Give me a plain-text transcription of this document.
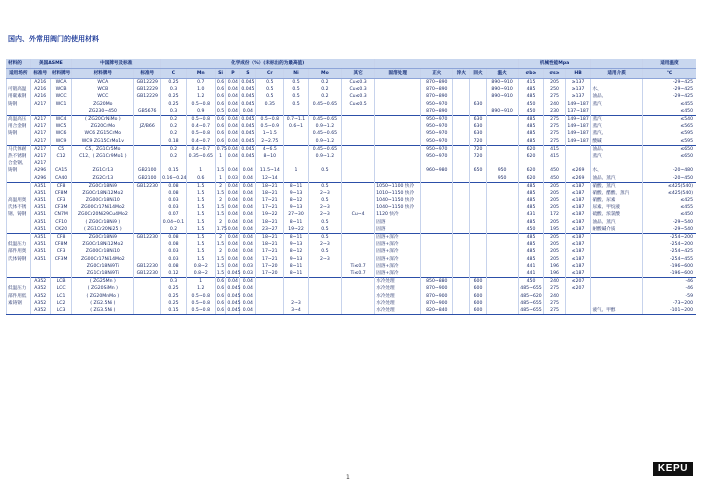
国内、外常用阀门的使用材料
材料的	美国ASME		中国牌号及标准		化学成份（%）(未标出的为最高值)														机械性能Mpa				适用温度
适用场所	标准号	材料牌号	材料牌号	标准号	C	Mn	Si	P	S	Cr	Ni	Mo	其它	固溶处理	正火	淬火	回火	温火	σb≥	σs≥	HB	适用介质	℃
	A216	WCA	WCA	GB12229	0.25	0.7	0.6	0.04	0.045	0.5	0.5	0.2	Cu≤0.3		870~890			890~910	415	205	≥137		-29~425
可锻高温	A216	WCB	WCB	GB12229	0.3	1.0	0.6	0.04	0.045	0.5	0.5	0.2	Cu≤0.3		870~890			890~910	485	250	≥137	水、	-29~425
用碳素钢	A216	WCC	WCC	GB12229	0.25	1.2	0.6	0.04	0.045	0.5	0.5	0.2	Cu≤0.3		870~890			890~910	485	275	≥137	油品、	-29~425
铸钢	A217	WC1	ZG20Mo		0.25	0.5~0.8	0.6	0.04	0.045	0.35	0.5	0.45~0.65	Cu≤0.5		950~970		630		450	240	149~187	蒸汽	≤455
			ZG230~450	GB5676	0.3	0.9	0.5	0.04	0.04						870~890			890~910	450	230	137~187		≤450
高温高压	A217	WC4	( ZG20CrNiMo )		0.2	0.5~0.8	0.6	0.04	0.045	0.5~0.8	0.7~1.1	0.45~0.65			950~970		630		485	275	149~187	蒸汽	≤540
用合金钢	A217	WC5	ZG20CrMo	JZ/B66	0.2	0.4~0.7	0.6	0.04	0.045	0.5~0.9	0.6~1	0.9~1.2			950~970		630		485	275	149~187	蒸汽	≤565
铸钢	A217	WC6	WC6 ZG15CrMo		0.2	0.5~0.8	0.6	0.04	0.045	1~1.5		0.45~0.65			950~970		630		485	275	149~187	蒸汽、	≤595
	A217	WC9	WC9 ZG15CrMo1v		0.18	0.4~0.7	0.6	0.04	0.045	2~2.75		0.9~1.2			950~970		720		485	275	149~187	酸碱	≤595
马氏体耐	A217	C5	C5、ZG1Cr5Mo		0.2	0.4~0.7	0.75	0.04	0.045	4~6.5		0.45~0.65			950~970		720		620	415		油品、	≤650
热不锈钢	A217	C12	C12、( ZG1Cr9Mo1 )		0.2	0.35~0.65	1	0.04	0.045	8~10		0.9~1.2			950~970		720		620	415		蒸汽	≤650
合金钢、	A217																						
铸钢	A296	CA15	ZG1Cr13	GB2100	0.15	1	1.5	0.04	0.04	11.5~14	1	0.5			960~980		650	950	620	450	≤269	水、	-20~480
	A296	CA40	ZG2Cr13	GB2100	0.16~0.24	0.6	1	0.03	0.04	12~14								950	620	450	≤269	油品、蒸汽	-20~450
	A351	CF8	ZG0Cr18Ni9	GB12230	0.08	1.5	2	0.04	0.04	18~21	8~11	0.5		1050~1100 快冷					485	205	≤187	硝酸、蒸汽	≤425(540)
	A351	CF8M	ZG0Cr18Ni12Mo2		0.08	1.5	1.5	0.04	0.04	18~21	9~13	2~3		1010~1150 快冷					485	205	≤187	硝酸、醋酸、蒸汽	≤425(540)
高温用奥	A351	CF3	ZG00Cr18Ni10		0.03	1.5	2	0.04	0.04	17~21	8~12	0.5		1040~1150 快冷					485	205	≤187	硝酸、尿素	≤425
氏体不锈	A351	CF3M	ZG00Cr17Ni14Mo2		0.03	1.5	1.5	0.04	0.04	17~21	9~13	2~3		1040~1150 快冷					485	205	≤187	尿素、甲烷液	≤455
钢、铸钢	A351	CN7M	ZG0Cr20Ni29Cu4Mo2		0.07	1.5	1.5	0.04	0.04	19~22	27~30	2~3	Cu~4	1120 快冷					431	172	≤187	硫酸、浓氯酸	≤450
	A351	CF10	( ZG0Cr18Ni9 )		0.04~0.1	1.5	2	0.04	0.04	18~21	8~11	0.5		固溶					485	205	≤187	油品、蒸汽	-29~540
	A351	CK20	( ZG1Cr20Ni25 )		0.2	1.5	1.75	0.04	0.04	23~27	19~22	0.5		固溶					450	195	≤187	耐酸碱介质	-29~540
	A351	CF8	ZG0Cr18Ni9	GB12230	0.08	1.5	2	0.04	0.04	18~21	8~11	0.5		固溶+深冷					485	205	≤187		-254~200
低温压力	A351	CF8M	ZG0Cr18Ni12Mo2		0.08	1.5	1.5	0.04	0.04	18~21	9~13	2~3		固溶+深冷					485	205	≤187		-254~200
部件用奥	A351	CF3	ZG00Cr18Ni10		0.03	1.5	2	0.04	0.04	17~21	8~12	0.5		固溶+深冷					485	205	≤187		-254~425
氏体铸钢	A351	CF3M	ZG00Cr17Ni14Mo2		0.03	1.5	1.5	0.04	0.04	17~21	9~13	2~3		固溶+深冷					485	205	≤187		-254~455
			ZG0Cr18Ni9Ti	GB12230	0.08	0.8~2	1.5	0.04	0.03	17~20	8~11		Ti≤0.7	固溶+深冷					441	196	≤187		-196~600
			ZG1Cr18Ni9Ti	GB12230	0.12	0.8~2	1.5	0.045	0.03	17~20	8~11		Ti≤0.7	固溶+深冷					441	196	≤187		-196~600
	A352	LCB	( ZG25Mn )		0.3	1	0.6	0.04	0.04					水冷处理	850~880		600		450	240	≤207		-46
低温压力	A352	LCC	( ZG20SiMn )		0.25	1.2	0.6	0.045	0.04					水冷处理	870~900		600		485~655	275	≤207		-46
部件用低	A352	LC1	( ZG20MnMo )		0.25	0.5~0.8	0.6	0.045	0.04					水冷处理	870~900		600		485~620	240			-59
素铸钢	A352	LC2	( ZG2.5Ni )		0.25	0.5~0.8	0.6	0.045	0.04		2~3			水冷处理	870~900		600		485~655	275			-73~200
	A352	LC3	( ZG3.5Ni )		0.15	0.5~0.8	0.6	0.045	0.04		3~4			水冷处理	820~840		600		485~655	275		液气、甲醇	-101~200
1
KEPU
